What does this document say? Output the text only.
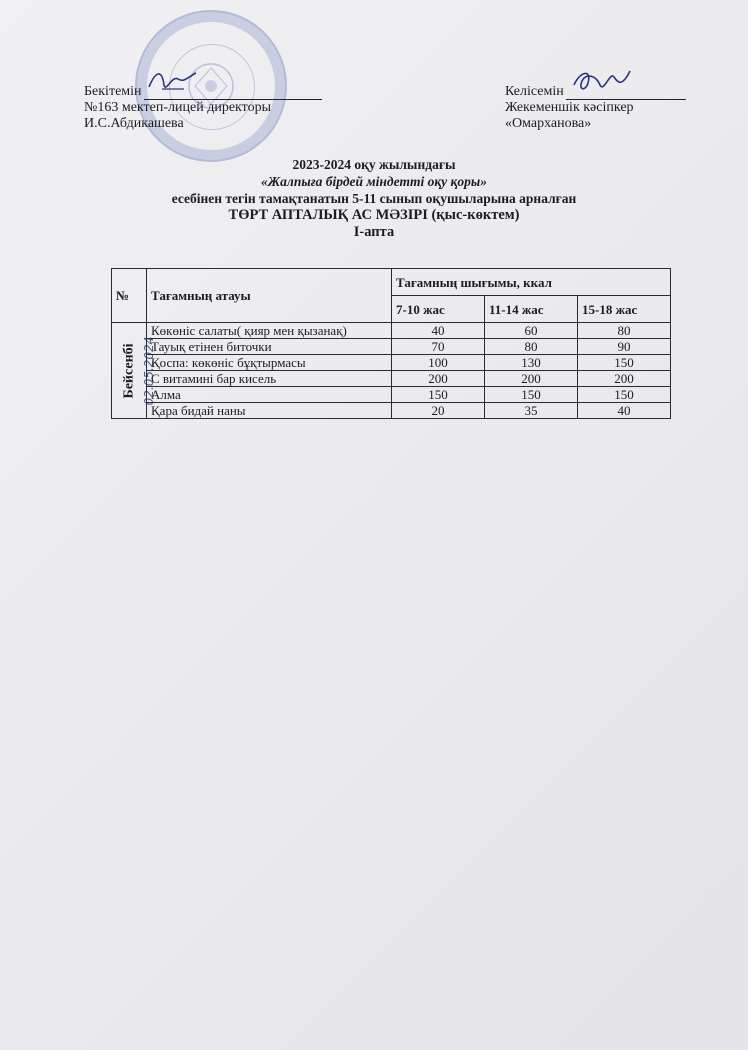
Бекітемін
№163 мектеп-лицей директоры
И.С.Абдикашева
Келісемін
Жекеменшік кәсіпкер
«Омарханова»
2023-2024 оқу жылындағы
«Жалпыға бірдей міндетті оқу қоры»
есебінен тегін тамақтанатын 5-11 сынып оқушыларына арналған
ТӨРТ АПТАЛЫҚ АС МӘЗІРІ (қыс-көктем)
I-апта
№	Тағамның атауы	Тағамның шығымы, ккал		
		7-10 жас	11-14 жас	15-18 жас

Бейсенбі 02.05.2024	Көкөніс салаты( қияр мен қызанақ)	40	60	80
	Тауық етінен биточки	70	80	90
	Қоспа: көкөніс бұқтырмасы	100	130	150
	С витамині бар кисель	200	200	200
	Алма	150	150	150
	Қара бидай наны	20	35	40
